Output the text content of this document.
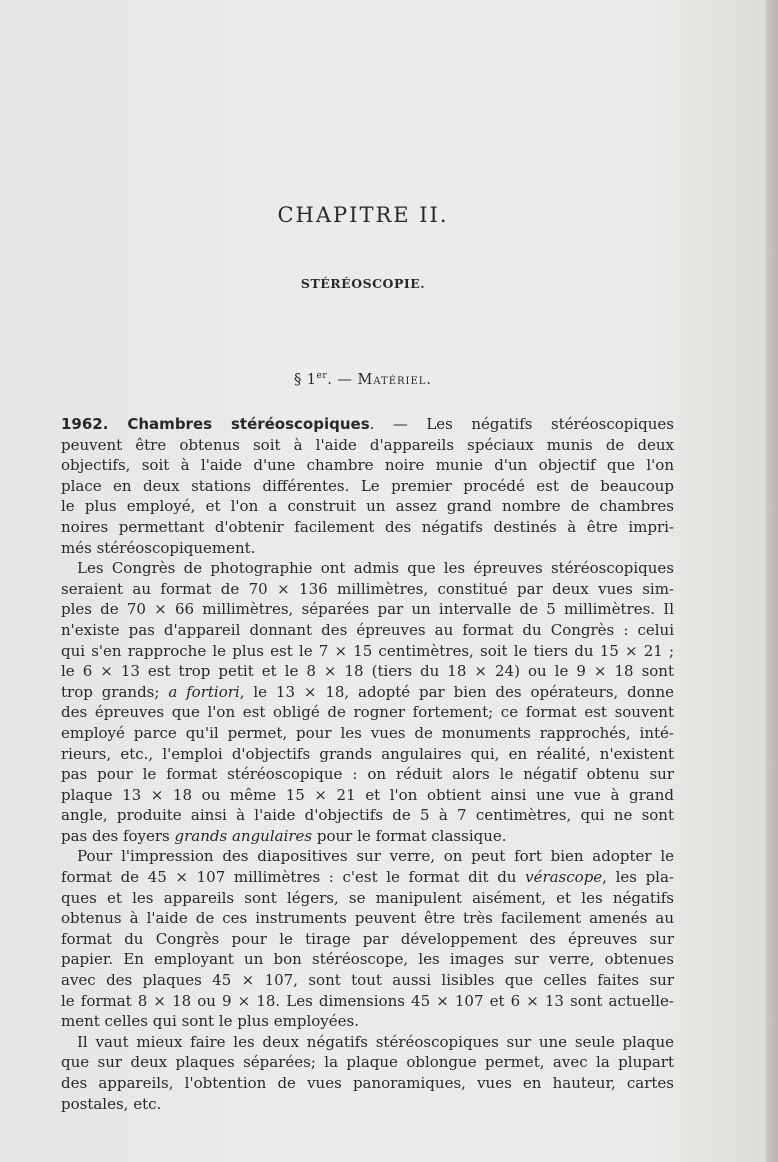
CHAPITRE II.
STÉRÉOSCOPIE.
§ 1er. — Matériel.
1962. Chambres stéréoscopiques. — Les négatifs stéréoscopiques
peuvent être obtenus soit à l'aide d'appareils spéciaux munis de deux
objectifs, soit à l'aide d'une chambre noire munie d'un objectif que l'on
place en deux stations différentes. Le premier procédé est de beaucoup
le plus employé, et l'on a construit un assez grand nombre de chambres
noires permettant d'obtenir facilement des négatifs destinés à être impri-
més stéréoscopiquement.
Les Congrès de photographie ont admis que les épreuves stéréoscopiques
seraient au format de 70 × 136 millimètres, constitué par deux vues sim-
ples de 70 × 66 millimètres, séparées par un intervalle de 5 millimètres. Il
n'existe pas d'appareil donnant des épreuves au format du Congrès : celui
qui s'en rapproche le plus est le 7 × 15 centimètres, soit le tiers du 15 × 21 ;
le 6 × 13 est trop petit et le 8 × 18 (tiers du 18 × 24) ou le 9 × 18 sont
trop grands; a fortiori, le 13 × 18, adopté par bien des opérateurs, donne
des épreuves que l'on est obligé de rogner fortement; ce format est souvent
employé parce qu'il permet, pour les vues de monuments rapprochés, inté-
rieurs, etc., l'emploi d'objectifs grands angulaires qui, en réalité, n'existent
pas pour le format stéréoscopique : on réduit alors le négatif obtenu sur
plaque 13 × 18 ou même 15 × 21 et l'on obtient ainsi une vue à grand
angle, produite ainsi à l'aide d'objectifs de 5 à 7 centimètres, qui ne sont
pas des foyers grands angulaires pour le format classique.
Pour l'impression des diapositives sur verre, on peut fort bien adopter le
format de 45 × 107 millimètres : c'est le format dit du vérascope, les pla-
ques et les appareils sont légers, se manipulent aisément, et les négatifs
obtenus à l'aide de ces instruments peuvent être très facilement amenés au
format du Congrès pour le tirage par développement des épreuves sur
papier. En employant un bon stéréoscope, les images sur verre, obtenues
avec des plaques 45 × 107, sont tout aussi lisibles que celles faites sur
le format 8 × 18 ou 9 × 18. Les dimensions 45 × 107 et 6 × 13 sont actuelle-
ment celles qui sont le plus employées.
Il vaut mieux faire les deux négatifs stéréoscopiques sur une seule plaque
que sur deux plaques séparées; la plaque oblongue permet, avec la plupart
des appareils, l'obtention de vues panoramiques, vues en hauteur, cartes
postales, etc.
